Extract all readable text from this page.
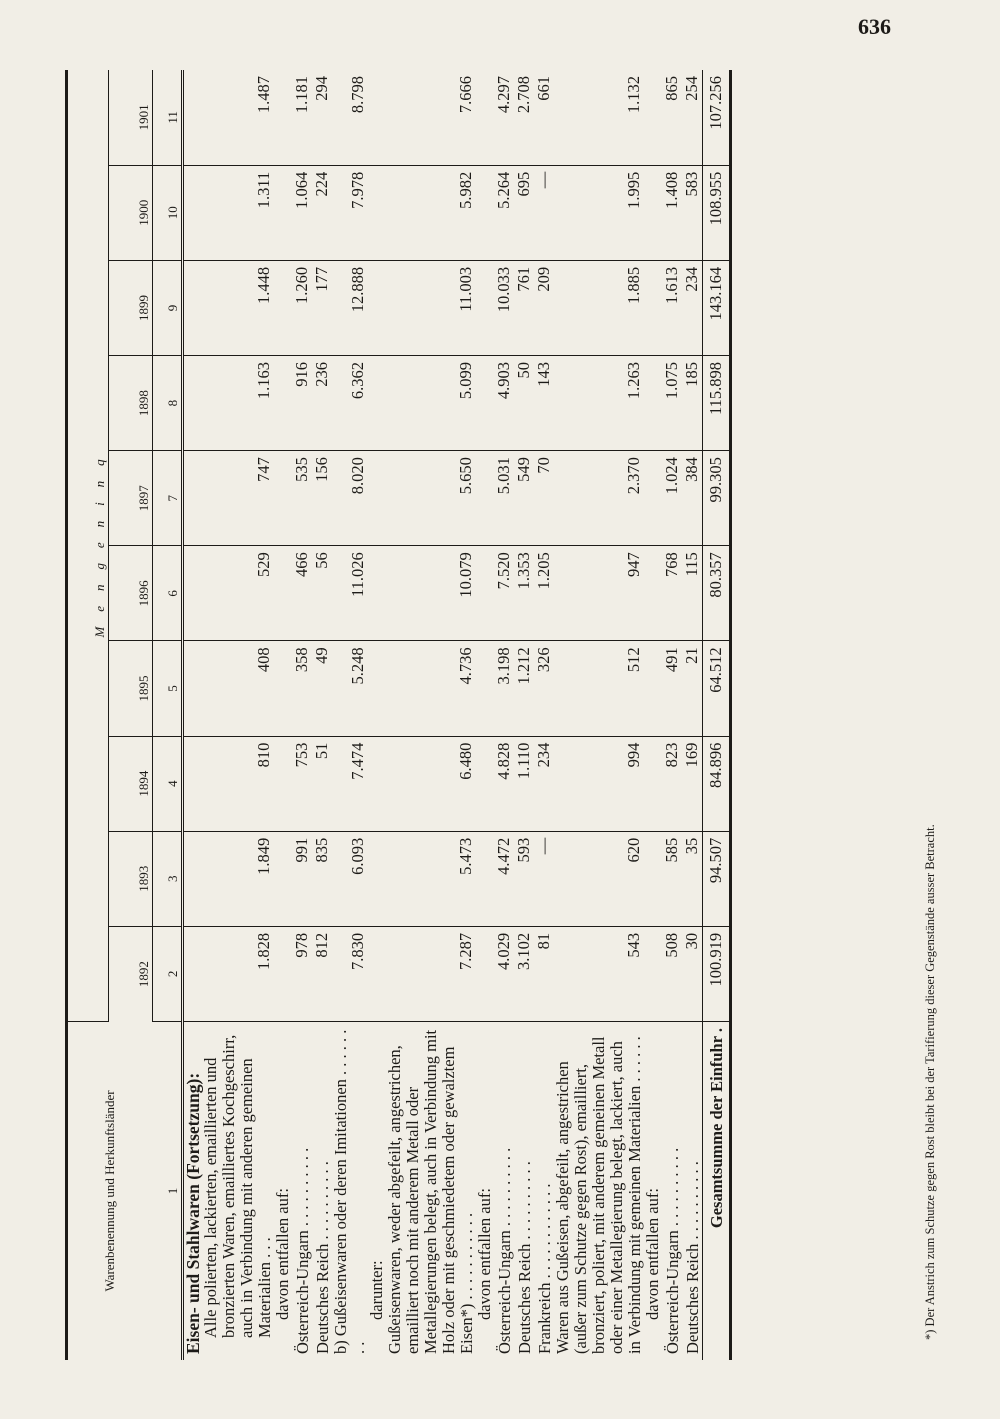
636
Warenbenennung und Herkunftsländer	M e n g e n i n q									
	1892	1893	1894	1895	1896	1897	1898	1899	1900	1901
1	2	3	4	5	6	7	8	9	10	11
Eisen- und Stahlwaren (Fortsetzung):										
Alle polierten, lackierten, emaillierten und bronzierten Waren, emailliertes Kochgeschirr, auch in Verbindung mit anderen gemeinen Materialien . . .	1.828	1.849	810	408	529	747	1.163	1.448	1.311	1.487
davon entfallen auf:										
Österreich-Ungarn . . . . . . . . . .	978	991	753	358	466	535	916	1.260	1.064	1.181
Deutsches Reich . . . . . . . . . .	812	835	51	49	56	156	236	177	224	294
b) Gußeisenwaren oder deren Imitationen . . . . . . . .	7.830	6.093	7.474	5.248	11.026	8.020	6.362	12.888	7.978	8.798
darunter:										
Gußeisenwaren, weder abgefeilt, angestrichen, emailliert noch mit anderem Metall oder Metallegierungen belegt, auch in Verbindung mit Holz oder mit geschmiedetem oder gewalztem Eisen*) . . . . . . . . . . .	7.287	5.473	6.480	4.736	10.079	5.650	5.099	11.003	5.982	7.666
davon entfallen auf:										
Österreich-Ungarn . . . . . . . . . .	4.029	4.472	4.828	3.198	7.520	5.031	4.903	10.033	5.264	4.297
Deutsches Reich . . . . . . . . . .	3.102	593	1.110	1.212	1.353	549	50	761	695	2.708
Frankreich . . . . . . . . . . . .	81	—	234	326	1.205	70	143	209	—	661
Waren aus Gußeisen, abgefeilt, angestrichen (außer zum Schutze gegen Rost), emailliert, bronziert, poliert, mit anderem gemeinen Metall oder einer Metallegierung belegt, lackiert, auch in Verbindung mit gemeinen Materialien . . . . . .	543	620	994	512	947	2.370	1.263	1.885	1.995	1.132
davon entfallen auf:										
Österreich-Ungarn . . . . . . . . . .	508	585	823	491	768	1.024	1.075	1.613	1.408	865
Deutsches Reich . . . . . . . . . .	30	35	169	21	115	384	185	234	583	254
Gesamtsumme der Einfuhr .	100.919	94.507	84.896	64.512	80.357	99.305	115.898	143.164	108.955	107.256
*) Der Anstrich zum Schutze gegen Rost bleibt bei der Tarifierung dieser Gegenstände ausser Betracht.
